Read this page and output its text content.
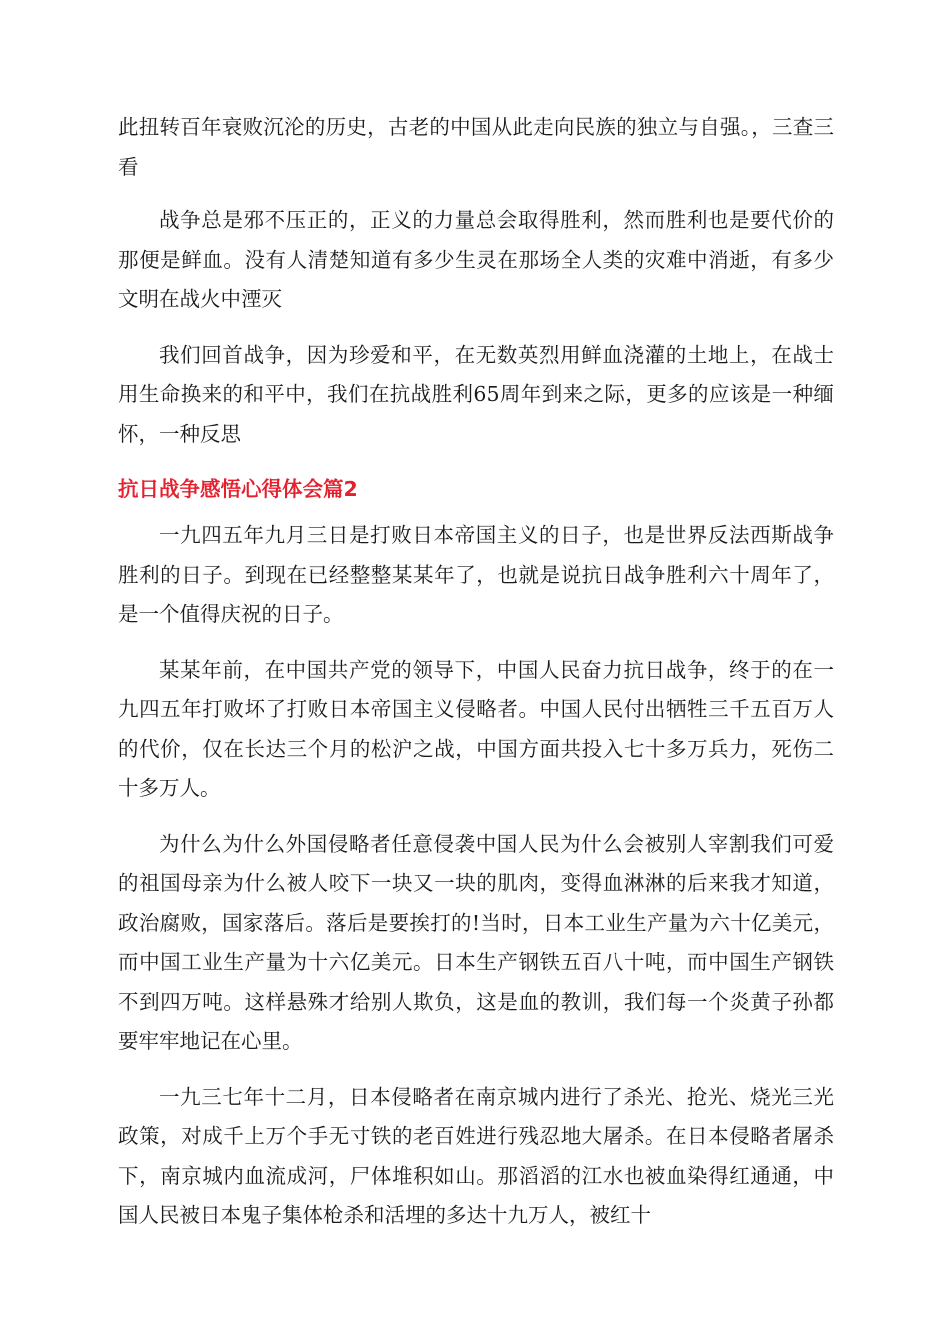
此扭转百年衰败沉沦的历史，古老的中国从此走向民族的独立与自强。，三查三看

战争总是邪不压正的，正义的力量总会取得胜利，然而胜利也是要代价的那便是鲜血。没有人清楚知道有多少生灵在那场全人类的灾难中消逝，有多少文明在战火中湮灭

我们回首战争，因为珍爱和平，在无数英烈用鲜血浇灌的土地上，在战士用生命换来的和平中，我们在抗战胜利65周年到来之际，更多的应该是一种缅怀，一种反思

抗日战争感悟心得体会篇2

一九四五年九月三日是打败日本帝国主义的日子，也是世界反法西斯战争胜利的日子。到现在已经整整某某年了，也就是说抗日战争胜利六十周年了，是一个值得庆祝的日子。

某某年前，在中国共产党的领导下，中国人民奋力抗日战争，终于的在一九四五年打败坏了打败日本帝国主义侵略者。中国人民付出牺牲三千五百万人的代价，仅在长达三个月的松沪之战，中国方面共投入七十多万兵力，死伤二十多万人。

为什么为什么外国侵略者任意侵袭中国人民为什么会被别人宰割我们可爱的祖国母亲为什么被人咬下一块又一块的肌肉，变得血淋淋的后来我才知道，政治腐败，国家落后。落后是要挨打的!当时，日本工业生产量为六十亿美元，而中国工业生产量为十六亿美元。日本生产钢铁五百八十吨，而中国生产钢铁不到四万吨。这样悬殊才给别人欺负，这是血的教训，我们每一个炎黄子孙都要牢牢地记在心里。

一九三七年十二月，日本侵略者在南京城内进行了杀光、抢光、烧光三光政策，对成千上万个手无寸铁的老百姓进行残忍地大屠杀。在日本侵略者屠杀下，南京城内血流成河，尸体堆积如山。那滔滔的江水也被血染得红通通，中国人民被日本鬼子集体枪杀和活埋的多达十九万人，被红十
